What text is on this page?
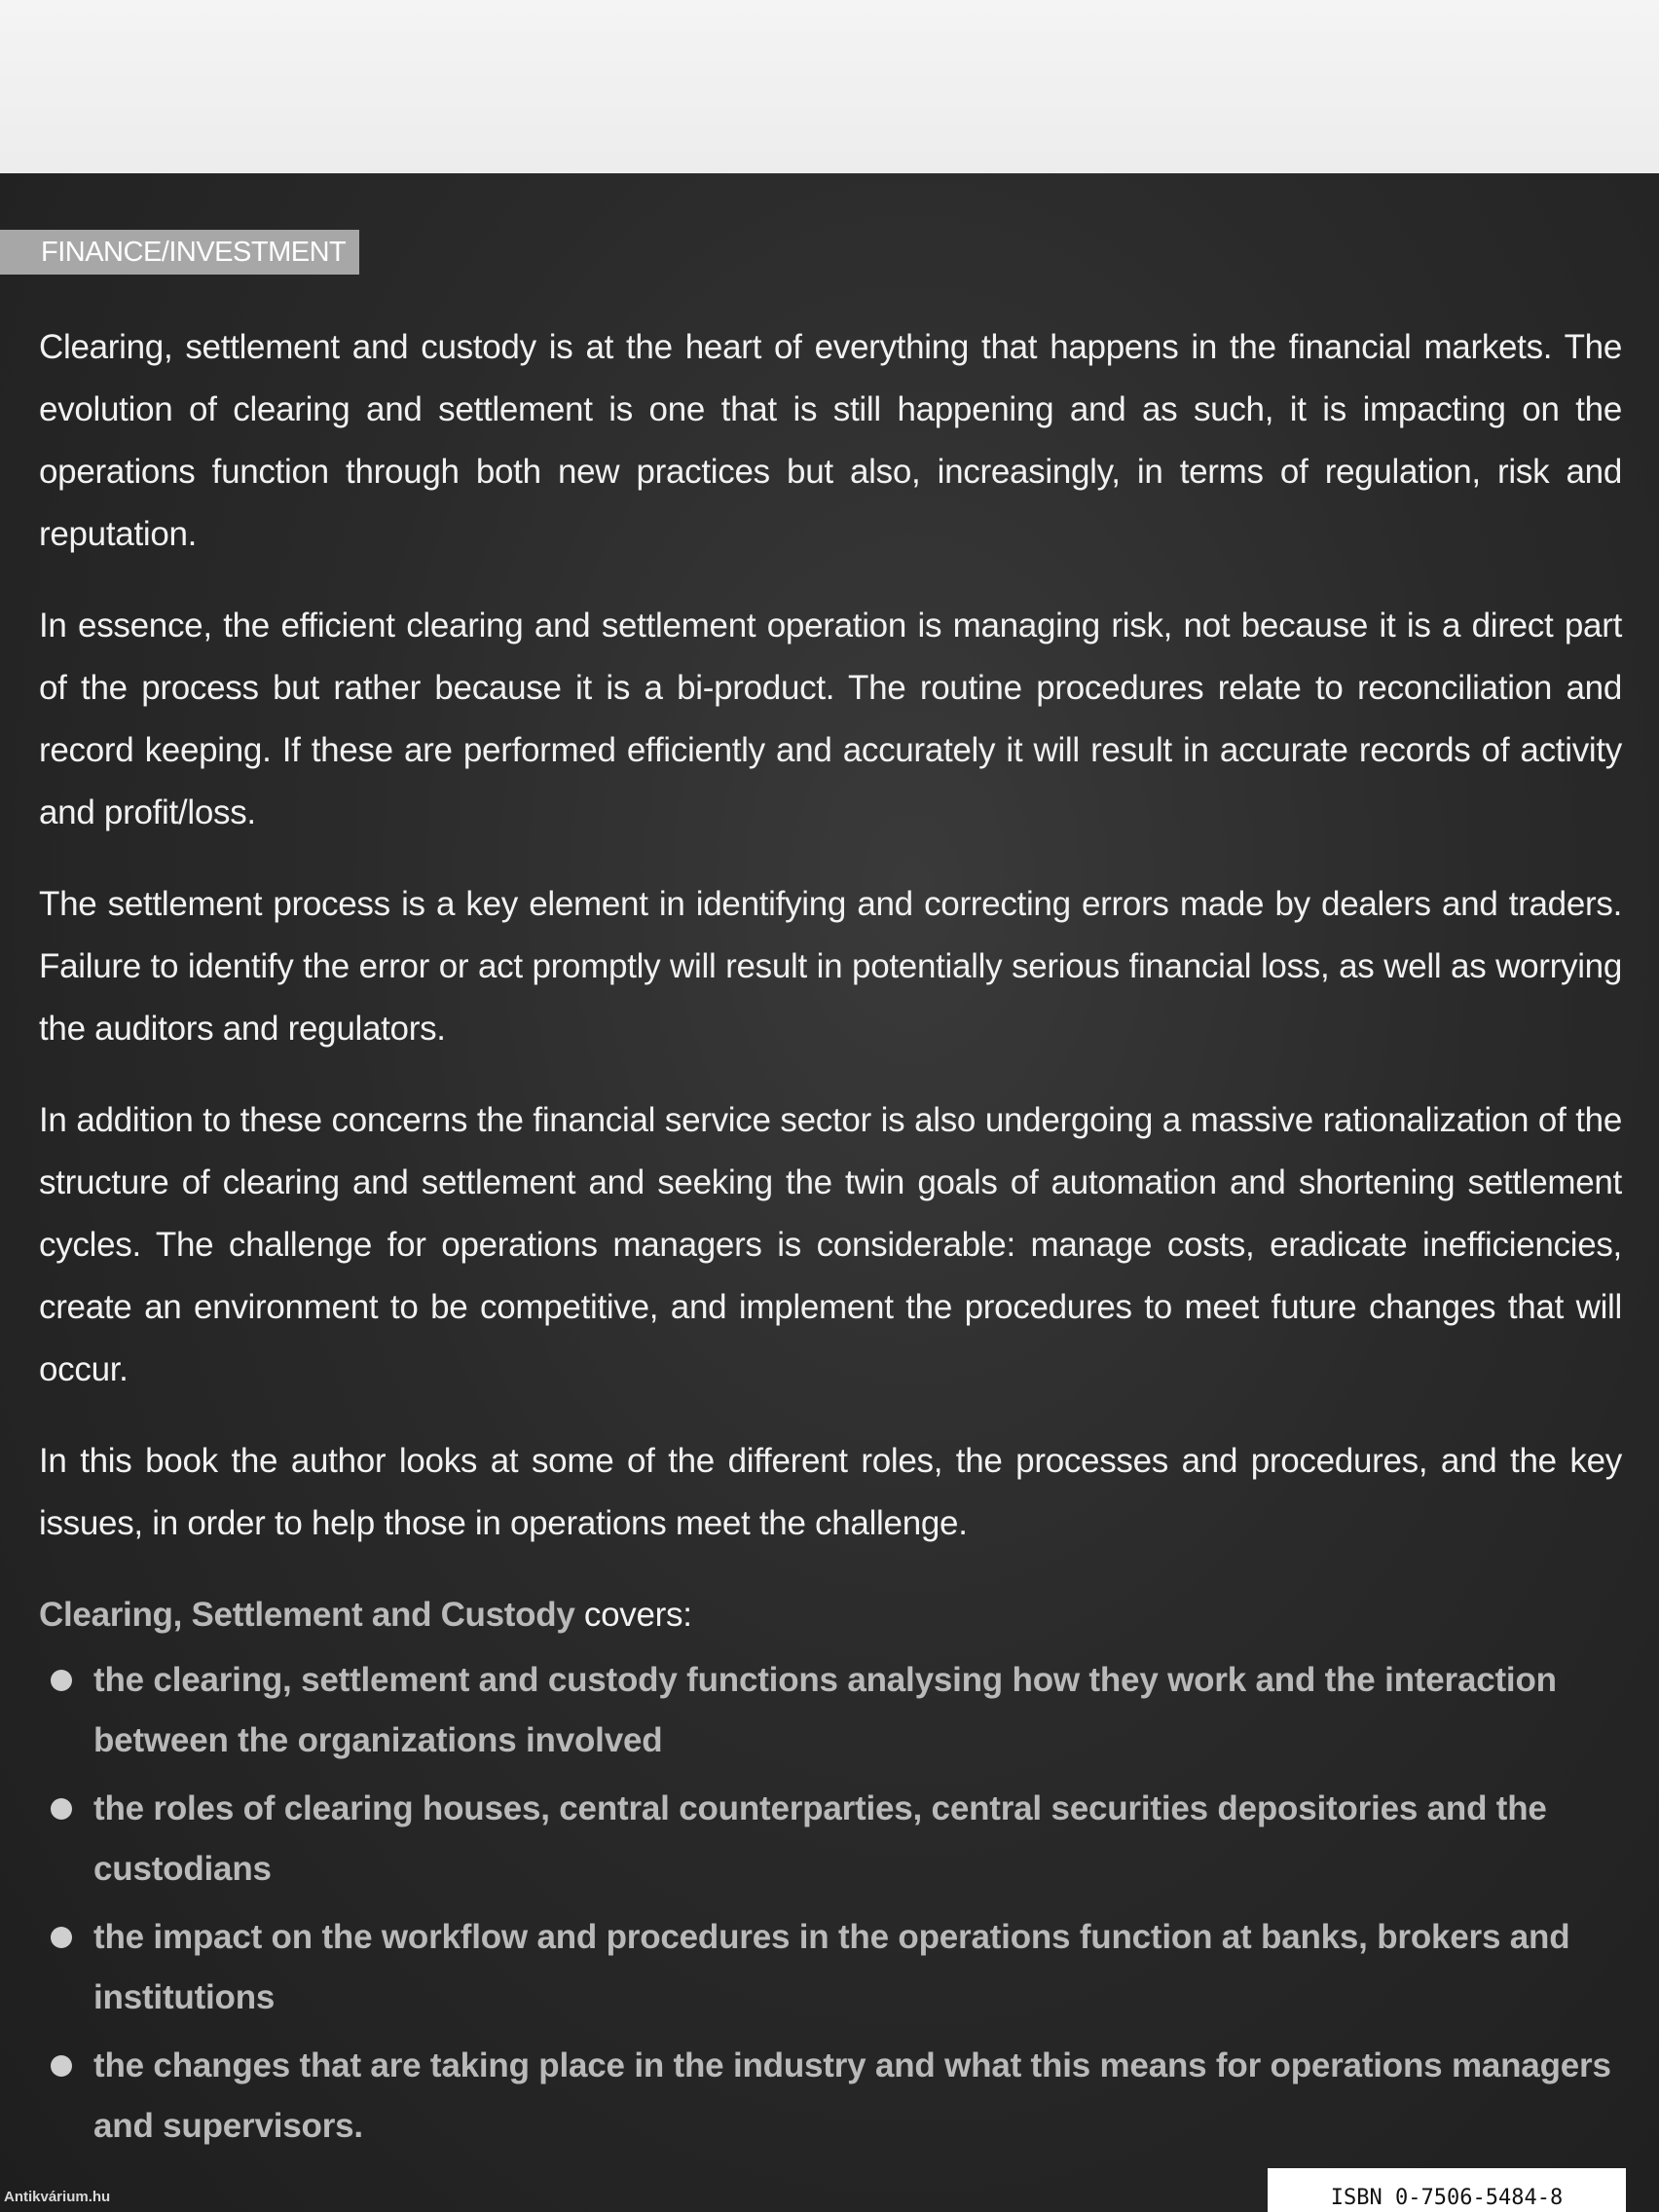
FINANCE/INVESTMENT

Clearing, settlement and custody is at the heart of everything that happens in the financial markets. The evolution of clearing and settlement is one that is still happening and as such, it is impacting on the operations function through both new practices but also, increasingly, in terms of regulation, risk and reputation.

In essence, the efficient clearing and settlement operation is managing risk, not because it is a direct part of the process but rather because it is a bi-product. The routine procedures relate to reconciliation and record keeping. If these are performed efficiently and accurately it will result in accurate records of activity and profit/loss.

The settlement process is a key element in identifying and correcting errors made by dealers and traders. Failure to identify the error or act promptly will result in potentially serious financial loss, as well as worrying the auditors and regulators.

In addition to these concerns the financial service sector is also undergoing a massive rationalization of the structure of clearing and settlement and seeking the twin goals of automation and shortening settlement cycles. The challenge for operations managers is considerable: manage costs, eradicate inefficiencies, create an environment to be competitive, and implement the procedures to meet future changes that will occur.

In this book the author looks at some of the different roles, the processes and procedures, and the key issues, in order to help those in operations meet the challenge.

Clearing, Settlement and Custody covers:

the clearing, settlement and custody functions analysing how they work and the interaction between the organizations involved
the roles of clearing houses, central counterparties, central securities depositories and the custodians
the impact on the workflow and procedures in the operations function at banks, brokers and institutions
the changes that are taking place in the industry and what this means for operations managers and supervisors.
Antikvárium.hu	ISBN 0-7506-5484-8
